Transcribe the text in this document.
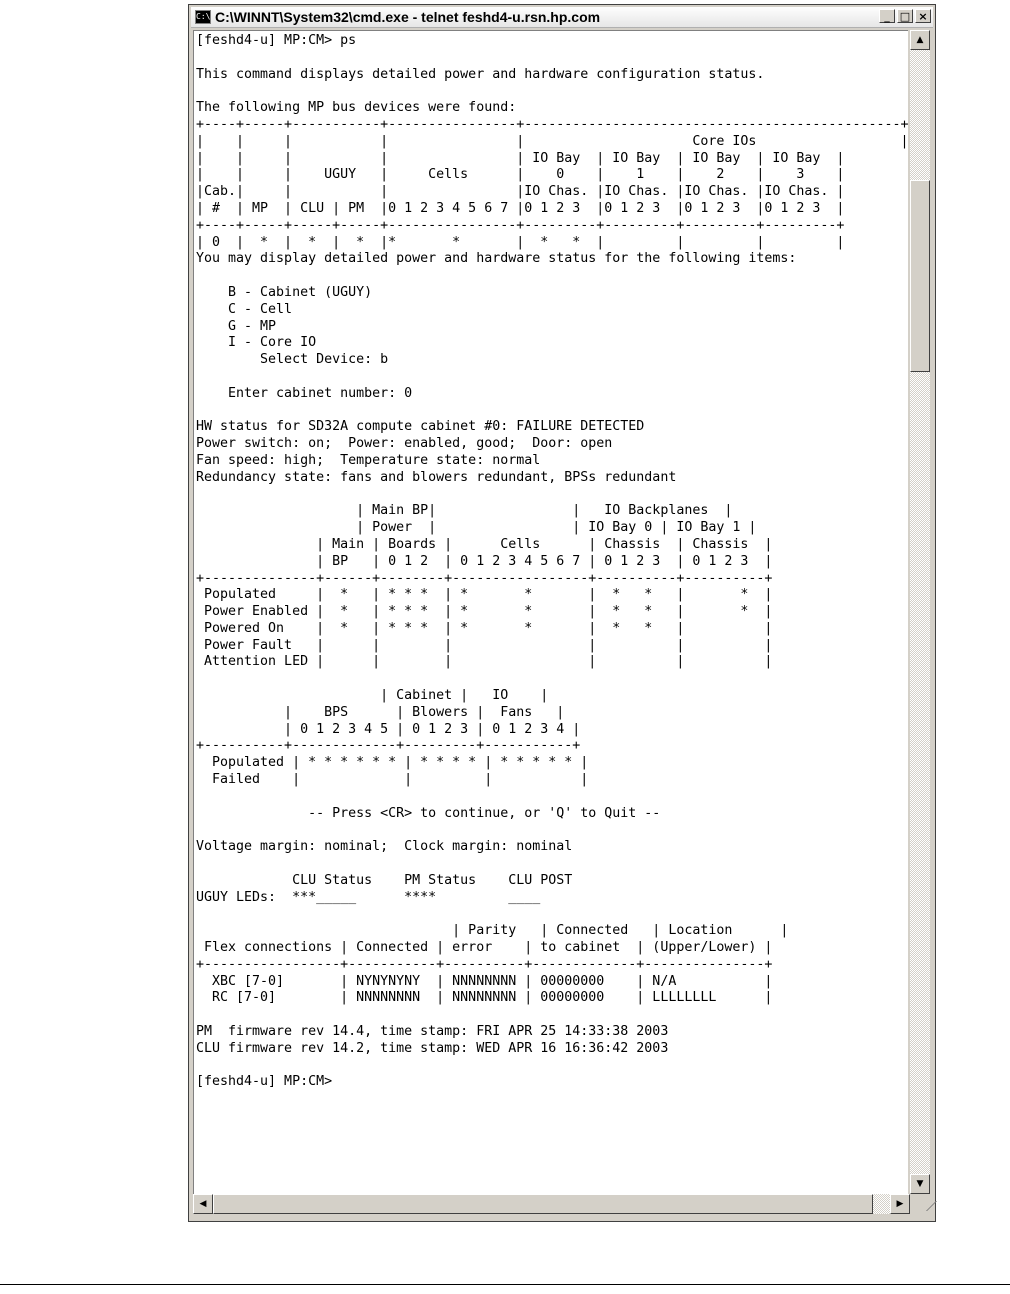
C:\ C:\WINNT\System32\cmd.exe - telnet feshd4-u.rsn.hp.com	_ □ ×
[feshd4-u] MP:CM> ps

This command displays detailed power and hardware configuration status.

The following MP bus devices were found:
+----+-----+-----------+----------------+-----------------------------------------------+
|    |     |           |                |                     Core IOs                  |
|    |     |           |                | IO Bay  | IO Bay  | IO Bay  | IO Bay  |
|    |     |    UGUY   |     Cells      |    0    |    1    |    2    |    3    |
|Cab.|     |           |                |IO Chas. |IO Chas. |IO Chas. |IO Chas. |
| #  | MP  | CLU | PM  |0 1 2 3 4 5 6 7 |0 1 2 3  |0 1 2 3  |0 1 2 3  |0 1 2 3  |
+----+-----+-----+-----+----------------+---------+---------+---------+---------+
| 0  |  *  |  *  |  *  |*       *       |  *   *  |         |         |         |
You may display detailed power and hardware status for the following items:

B - Cabinet (UGUY)
C - Cell
G - MP
I - Core IO
Select Device: b

Enter cabinet number: 0

HW status for SD32A compute cabinet #0: FAILURE DETECTED
Power switch: on;  Power: enabled, good;  Door: open
Fan speed: high;  Temperature state: normal
Redundancy state: fans and blowers redundant, BPSs redundant

| Main BP|                 |   IO Backplanes  |
| Power  |                 | IO Bay 0 | IO Bay 1 |
| Main | Boards |      Cells      | Chassis  | Chassis  |
| BP   | 0 1 2  | 0 1 2 3 4 5 6 7 | 0 1 2 3  | 0 1 2 3  |
+--------------+------+--------+-----------------+----------+----------+
Populated     |  *   | * * *  | *       *       |  *   *   |       *  |
Power Enabled |  *   | * * *  | *       *       |  *   *   |       *  |
Powered On    |  *   | * * *  | *       *       |  *   *   |          |
Power Fault   |      |        |                 |          |          |
Attention LED |      |        |                 |          |          |

| Cabinet |   IO    |
|    BPS      | Blowers |  Fans   |
| 0 1 2 3 4 5 | 0 1 2 3 | 0 1 2 3 4 |
+----------+-------------+---------+-----------+
Populated | * * * * * * | * * * * | * * * * * |
Failed    |             |         |           |

-- Press <CR> to continue, or 'Q' to Quit --

Voltage margin: nominal;  Clock margin: nominal

CLU Status    PM Status    CLU POST
UGUY LEDs:  ***_____      ****         ____

| Parity   | Connected   | Location      |
Flex connections | Connected | error    | to cabinet  | (Upper/Lower) |
+-----------------+-----------+----------+-------------+---------------+
XBC [7-0]       | NYNYNYNY  | NNNNNNNN | 00000000    | N/A           |
RC [7-0]        | NNNNNNNN  | NNNNNNNN | 00000000    | LLLLLLLL      |

PM  firmware rev 14.4, time stamp: FRI APR 25 14:33:38 2003
CLU firmware rev 14.2, time stamp: WED APR 16 16:36:42 2003

[feshd4-u] MP:CM>
▲
▼
◀	▶
